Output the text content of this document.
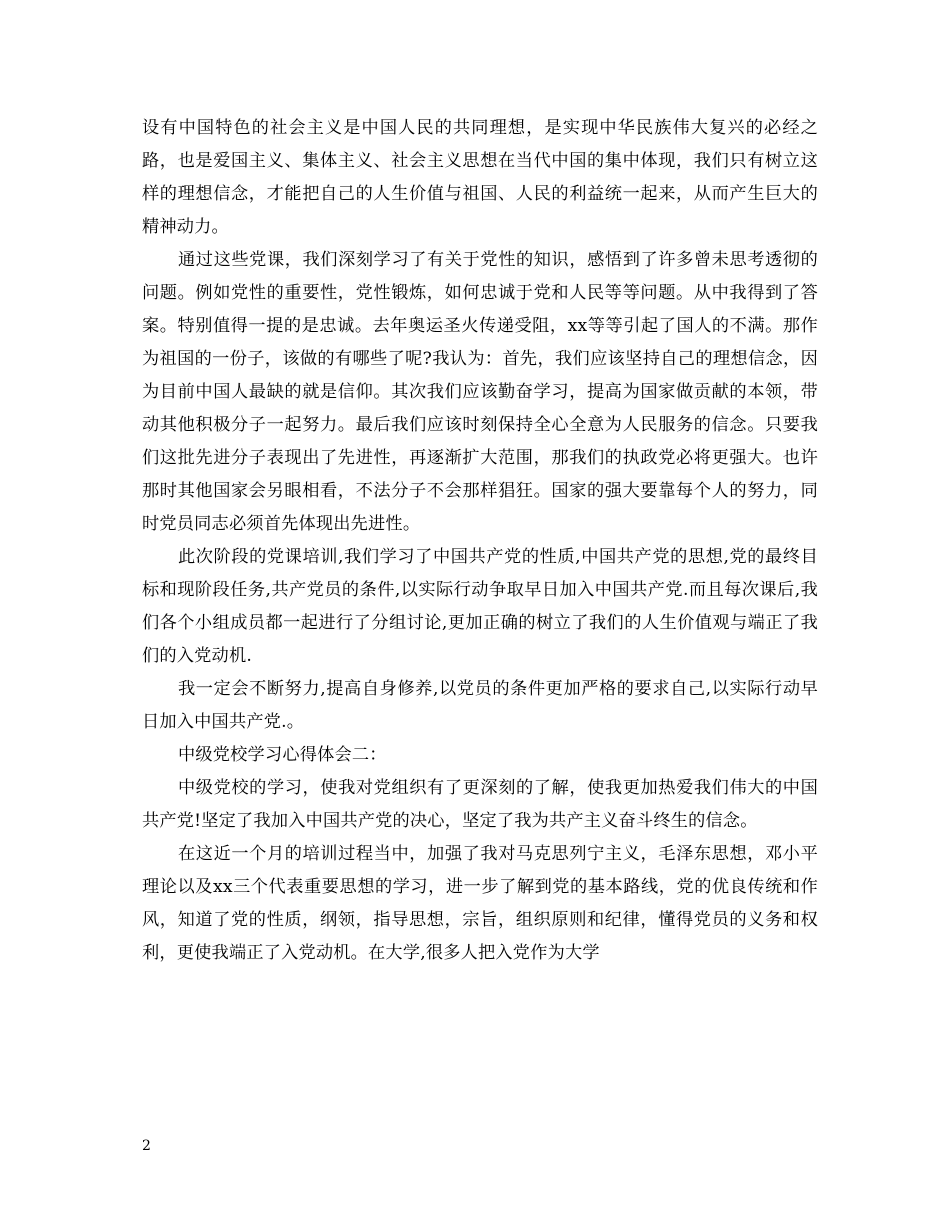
设有中国特色的社会主义是中国人民的共同理想，是实现中华民族伟大复兴的必经之路，也是爱国主义、集体主义、社会主义思想在当代中国的集中体现，我们只有树立这样的理想信念，才能把自己的人生价值与祖国、人民的利益统一起来，从而产生巨大的精神动力。

通过这些党课，我们深刻学习了有关于党性的知识，感悟到了许多曾未思考透彻的问题。例如党性的重要性，党性锻炼，如何忠诚于党和人民等等问题。从中我得到了答案。特别值得一提的是忠诚。去年奥运圣火传递受阻，xx等等引起了国人的不满。那作为祖国的一份子，该做的有哪些了呢?我认为：首先，我们应该坚持自己的理想信念，因为目前中国人最缺的就是信仰。其次我们应该勤奋学习，提高为国家做贡献的本领，带动其他积极分子一起努力。最后我们应该时刻保持全心全意为人民服务的信念。只要我们这批先进分子表现出了先进性，再逐渐扩大范围，那我们的执政党必将更强大。也许那时其他国家会另眼相看，不法分子不会那样猖狂。国家的强大要靠每个人的努力，同时党员同志必须首先体现出先进性。

此次阶段的党课培训,我们学习了中国共产党的性质,中国共产党的思想,党的最终目标和现阶段任务,共产党员的条件,以实际行动争取早日加入中国共产党.而且每次课后,我们各个小组成员都一起进行了分组讨论,更加正确的树立了我们的人生价值观与端正了我们的入党动机.

我一定会不断努力,提高自身修养,以党员的条件更加严格的要求自己,以实际行动早日加入中国共产党.。

中级党校学习心得体会二：

中级党校的学习，使我对党组织有了更深刻的了解，使我更加热爱我们伟大的中国共产党!坚定了我加入中国共产党的决心，坚定了我为共产主义奋斗终生的信念。

在这近一个月的培训过程当中，加强了我对马克思列宁主义，毛泽东思想，邓小平理论以及xx三个代表重要思想的学习，进一步了解到党的基本路线，党的优良传统和作风，知道了党的性质，纲领，指导思想，宗旨，组织原则和纪律，懂得党员的义务和权利，更使我端正了入党动机。在大学,很多人把入党作为大学

2
